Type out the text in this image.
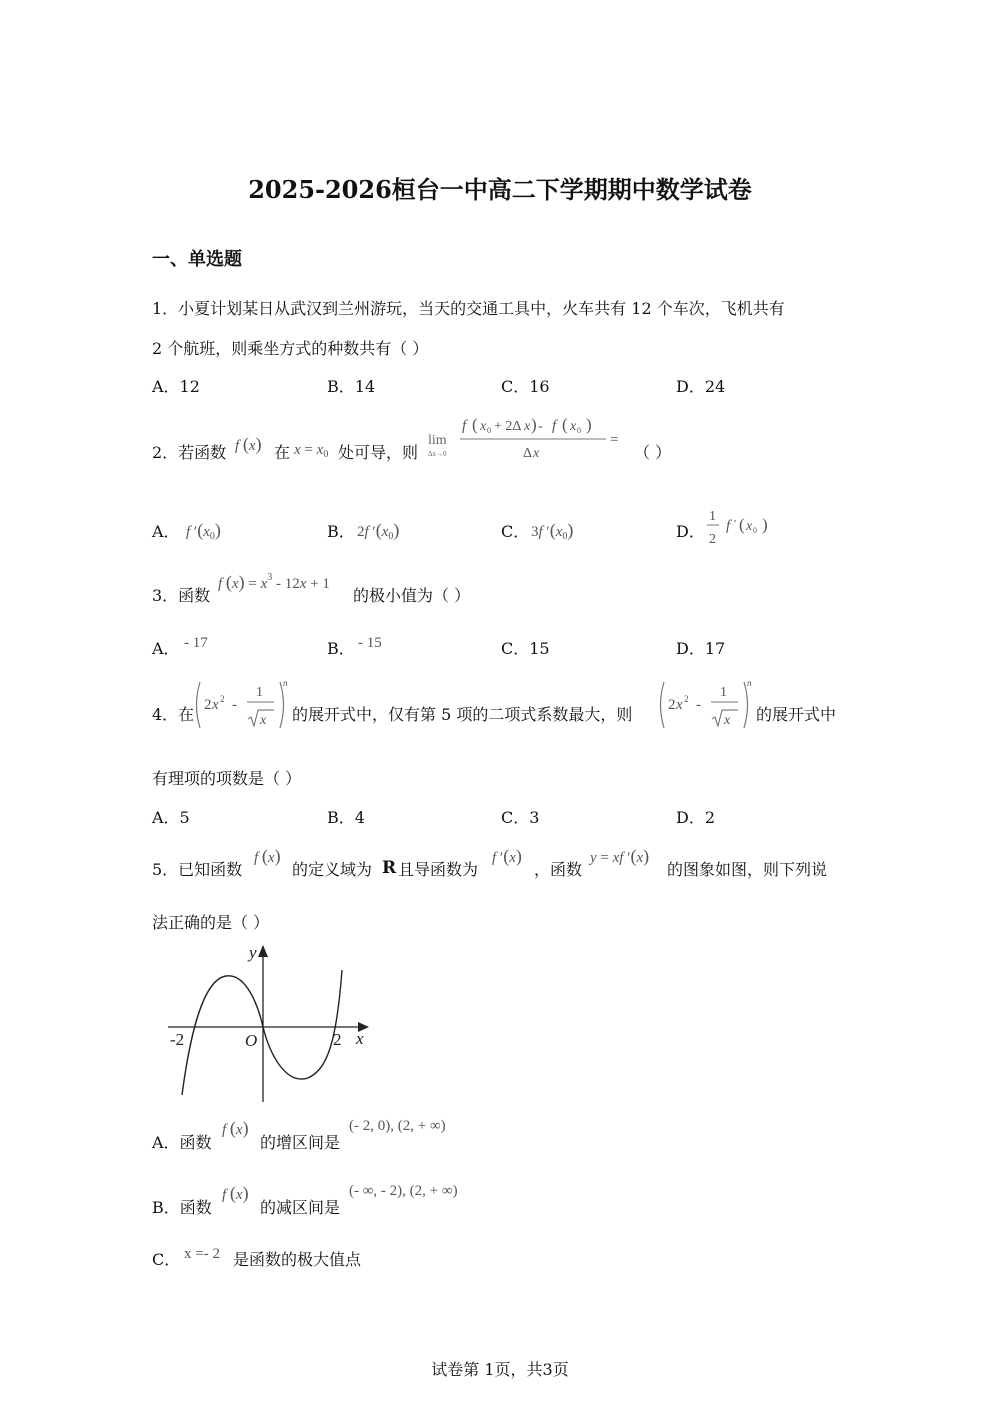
2025-2026桓台一中高二下学期期中数学试卷
一、单选题
1．小夏计划某日从武汉到兰州游玩，当天的交通工具中，火车共有 12 个车次，飞机共有
2 个航班，则乘坐方式的种数共有（ ）
A．12	B．14	C．16	D．24
2．若函数 f (x) 在 $x = x_0$ 处可导，则
lim
Δx→0
f ( x 0 + 2Δ x ) - f ( x 0 )
Δ x
=
（ ）
A． f $'(x_0)$	B． 2f $'(x_0)$	C． 3f $'(x_0)$	D．
1
2
f ′ ( x 0 )
3．函数
f $(x) = x^3 - 12x + 1$
的极小值为（ ）
A． - 17	B． - 15	C．15	D．17
4．在 2 x 2 -
1
x
n
的展开式中，仅有第 5 项的二项式系数最大，则 2 x 2 -
1
x
n
的展开式中
有理项的项数是（ ）
A．5	B．4	C．3	D．2
5．已知函数
f (x)
的定义域为 R 且导函数为
f ′(x)
，函数
y = xf ′(x)
的图象如图，则下列说
法正确的是（ ）
y
x
O
-2	2
A．函数
f (x)
的增区间是
(- 2, 0), (2, + ∞)
B．函数
f (x)
的减区间是
(- ∞, - 2), (2, + ∞)
C． x =- 2 是函数的极大值点
试卷第 1页，共3页
